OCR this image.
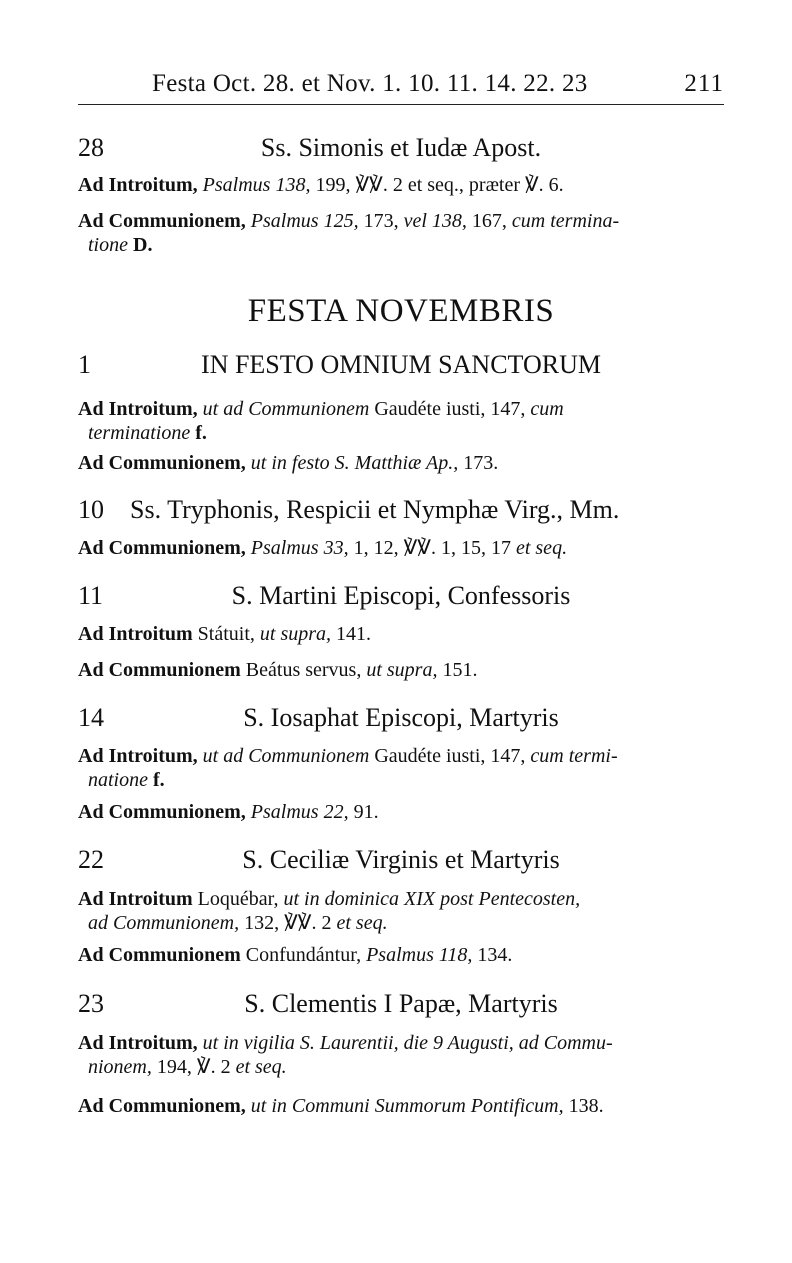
Festa Oct. 28. et Nov. 1. 10. 11. 14. 22. 23	211
28	Ss. Simonis et Iudæ Apost.
Ad Introitum, Psalmus 138, 199, ℣℣. 2 et seq., præter ℣. 6.
Ad Communionem, Psalmus 125, 173, vel 138, 167, cum termina-
tione D.
FESTA NOVEMBRIS
1	IN FESTO OMNIUM SANCTORUM
Ad Introitum, ut ad Communionem Gaudéte iusti, 147, cum
terminatione f.
Ad Communionem, ut in festo S. Matthiæ Ap., 173.
10 Ss. Tryphonis, Respicii et Nymphæ Virg., Mm.
Ad Communionem, Psalmus 33, 1, 12, ℣℣. 1, 15, 17 et seq.
11	S. Martini Episcopi, Confessoris
Ad Introitum Státuit, ut supra, 141.
Ad Communionem Beátus servus, ut supra, 151.
14	S. Iosaphat Episcopi, Martyris
Ad Introitum, ut ad Communionem Gaudéte iusti, 147, cum termi-
natione f.
Ad Communionem, Psalmus 22, 91.
22	S. Ceciliæ Virginis et Martyris
Ad Introitum Loquébar, ut in dominica XIX post Pentecosten,
ad Communionem, 132, ℣℣. 2 et seq.
Ad Communionem Confundántur, Psalmus 118, 134.
23	S. Clementis I Papæ, Martyris
Ad Introitum, ut in vigilia S. Laurentii, die 9 Augusti, ad Commu-
nionem, 194, ℣. 2 et seq.
Ad Communionem, ut in Communi Summorum Pontificum, 138.
